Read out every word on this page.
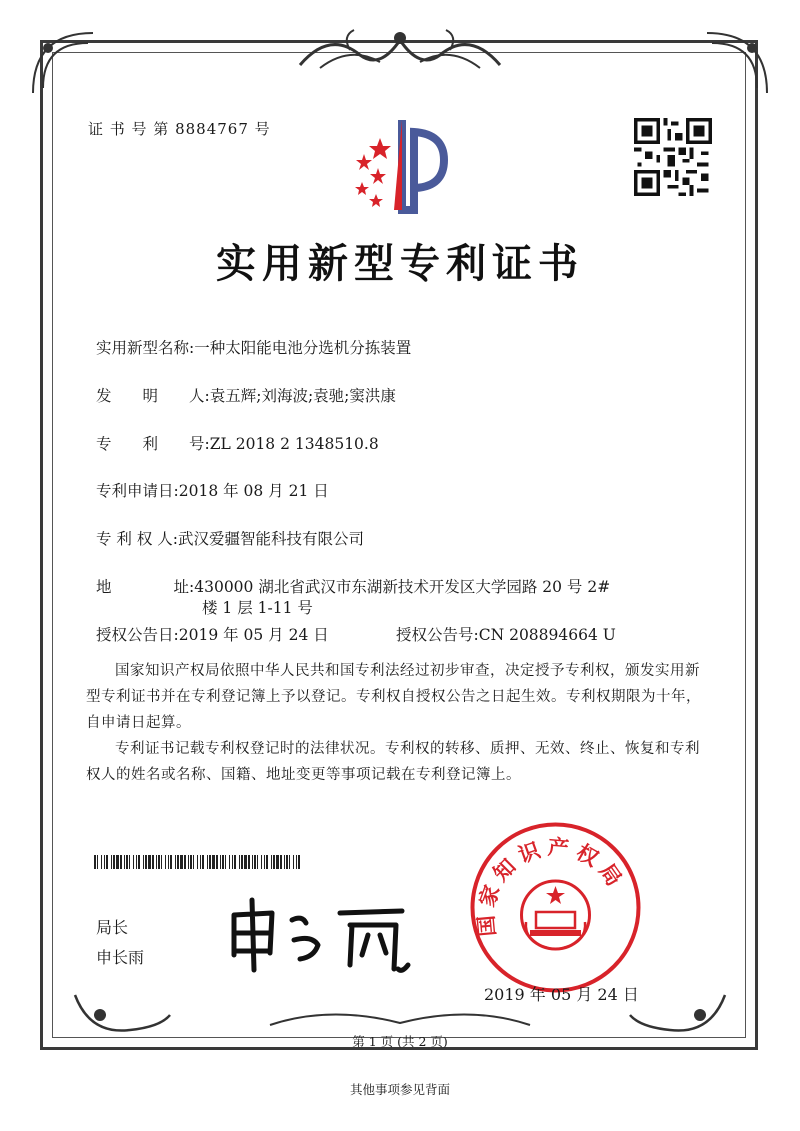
证 书 号 第 8884767 号
实用新型专利证书
实用新型名称:一种太阳能电池分选机分拣装置
发　　明　　人:袁五辉;刘海波;袁驰;窦洪康
专　　利　　号:ZL 2018 2 1348510.8
专利申请日:2018 年 08 月 21 日
专 利 权 人:武汉爱疆智能科技有限公司
地　　　　址:430000 湖北省武汉市东湖新技术开发区大学园路 20 号 2#
楼 1 层 1-11 号
授权公告日:2019 年 05 月 24 日	授权公告号:CN 208894664 U
国家知识产权局依照中华人民共和国专利法经过初步审查，决定授予专利权，颁发实用新型专利证书并在专利登记簿上予以登记。专利权自授权公告之日起生效。专利权期限为十年，自申请日起算。
专利证书记载专利权登记时的法律状况。专利权的转移、质押、无效、终止、恢复和专利权人的姓名或名称、国籍、地址变更等事项记载在专利登记簿上。
局长
申长雨
国家知识产权局
2019 年 05 月 24 日
第 1 页 (共 2 页)
其他事项参见背面
